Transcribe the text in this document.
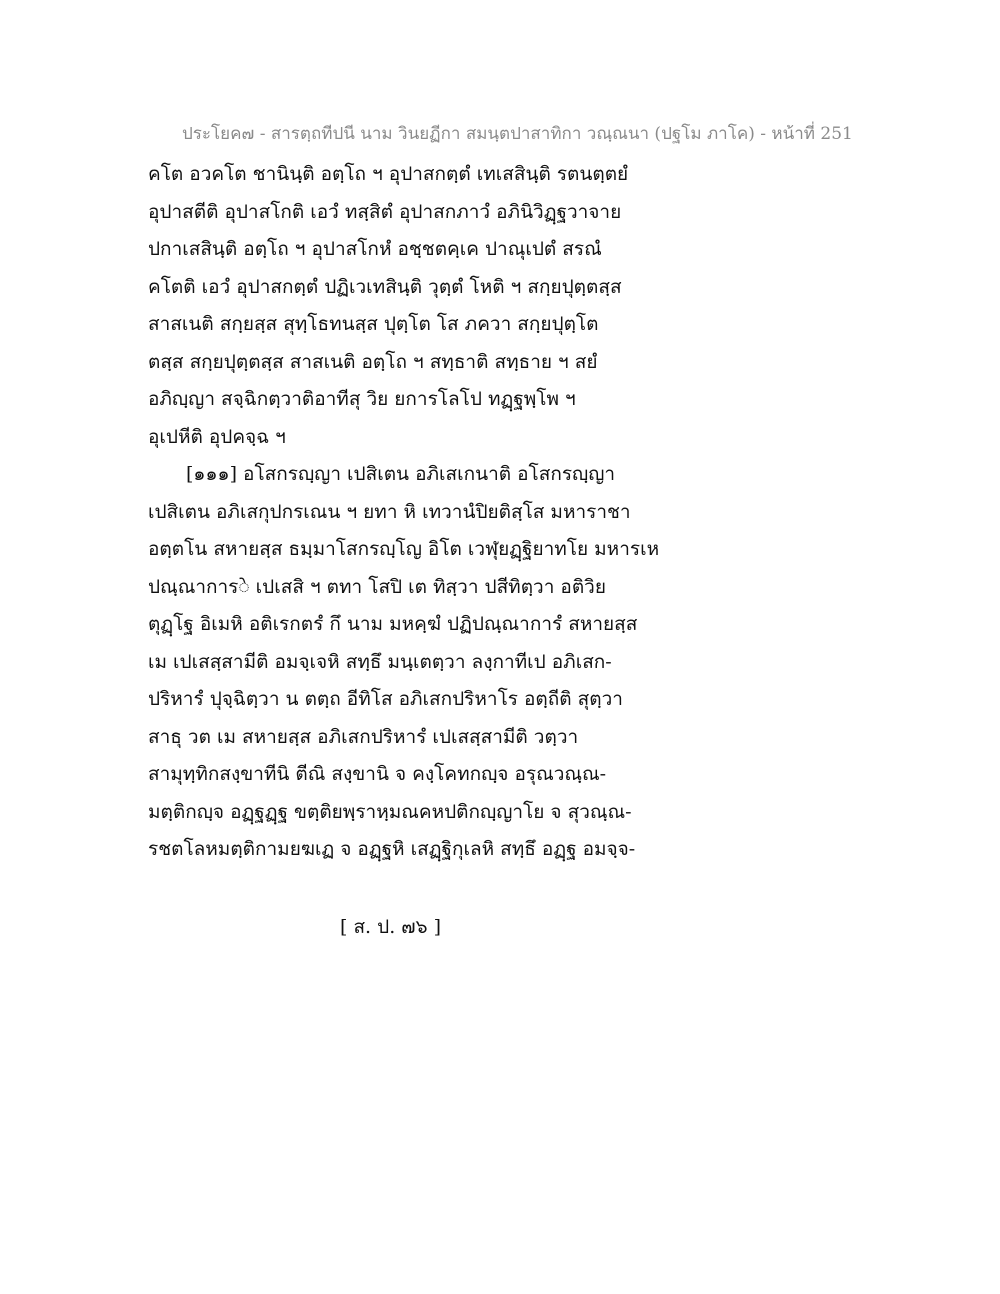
ประโยค๗ - สารตฺถทีปนี นาม วินยฏีกา สมนฺตปาสาทิกา วณฺณนา (ปฐโม ภาโค) - หน้าที่ 251
คโต อวคโต ชานินฺติ อตฺโถ ฯ อุปาสกตฺตํ เทเสสินฺติ รตนตฺตยํ
อุปาสตีติ อุปาสโกติ เอวํ ทสฺสิตํ อุปาสกภาวํ อภินิวิฏฺฐวาจาย
ปกาเสสินฺติ อตฺโถ ฯ อุปาสโกหํ อชฺชตคฺเค ปาณุเปตํ สรณํ
คโตติ เอวํ อุปาสกตฺตํ ปฏิเวเทสินฺติ วุตฺตํ โหติ ฯ สกฺยปุตฺตสฺส
สาสเนติ สกฺยสฺส สุทฺโธทนสฺส ปุตฺโต โส ภควา สกฺยปุตฺโต
ตสฺส สกฺยปุตฺตสฺส สาสเนติ อตฺโถ ฯ สทฺธาติ สทฺธาย ฯ สยํ
อภิญฺญา สจฺฉิกตฺวาติอาทีสุ วิย ยการโลโป ทฏฺฐพฺโพ ฯ
อุเปหีติ อุปคจฺฉ ฯ
[๑๑๑] อโสกรญฺญา เปสิเตน อภิเสเกนาติ อโสกรญฺญา
เปสิเตน อภิเสกุปกรเณน ฯ ยทา หิ เทวานํปิยติสฺโส มหาราชา
อตฺตโน สหายสฺส ธมฺมาโสกรญฺโญ อิโต เวฬุยฏฺฐิยาทโย มหารเห
ปณฺณาการे เปเสสิ ฯ ตทา โสปิ เต ทิสฺวา ปสีทิตฺวา อติวิย
ตุฏฺโฐ อิเมหิ อติเรกตรํ กึ นาม มหคฺฆํ ปฏิปณฺณาการํ สหายสฺส
เม เปเสสฺสามีติ อมจฺเจหิ สทฺธึ มนฺเตตฺวา ลงฺกาทีเป อภิเสก-
ปริหารํ ปุจฺฉิตฺวา น ตตฺถ อีทิโส อภิเสกปริหาโร อตฺถีติ สุตฺวา
สาธุ วต เม สหายสฺส อภิเสกปริหารํ เปเสสฺสามีติ วตฺวา
สามุทฺทิกสงฺขาทีนิ ตีณิ สงฺขานิ จ คงฺโคทกญฺจ อรุณวณฺณ-
มตฺติกญฺจ อฏฺฐฏฺฐ ขตฺติยพฺราหฺมณคหปติกญฺญาโย จ สุวณฺณ-
รชตโลหมตฺติกามยฆเฏ จ อฏฺฐหิ เสฏฺฐิกุเลหิ สทฺธึ อฏฺฐ อมจฺจ-
[ ส. ป. ๗๖ ]
